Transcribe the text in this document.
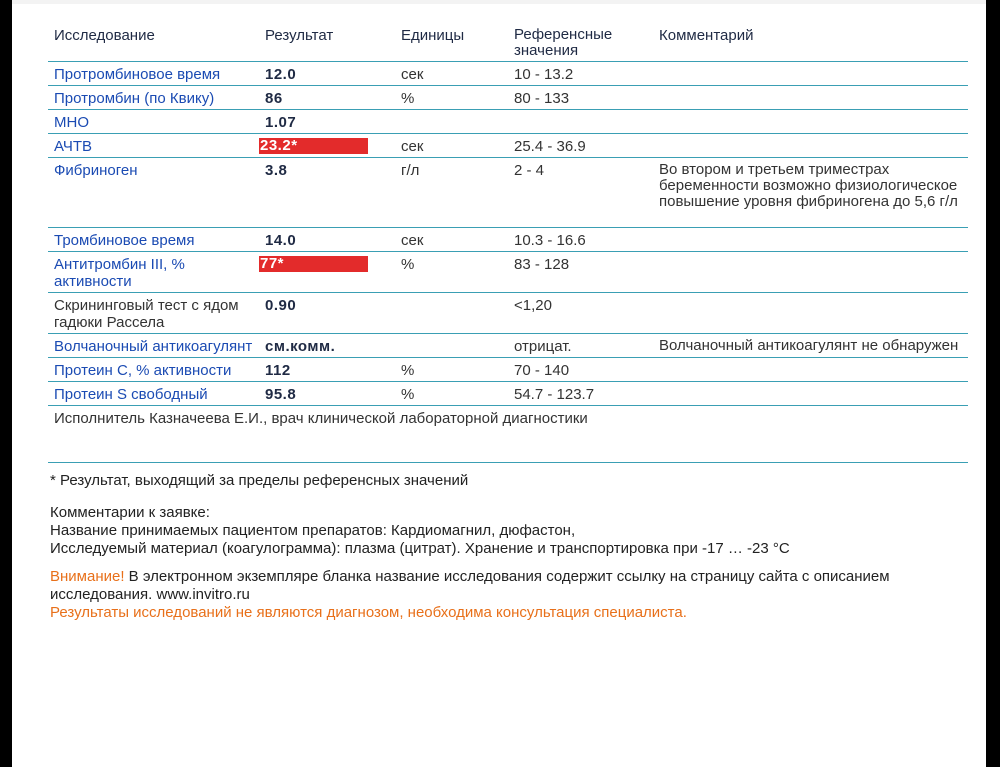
Исследование	Результат	Единицы	Референсные значения	Комментарий
Протромбиновое время	12.0	сек	10 - 13.2	
Протромбин (по Квику)	86	%	80 - 133	
МНО	1.07			
АЧТВ	23.2*	сек	25.4 - 36.9	
Фибриноген	3.8	г/л	2 - 4	Во втором и третьем триместрах беременности возможно физиологическое повышение уровня фибриногена до 5,6 г/л
Тромбиновое время	14.0	сек	10.3 - 16.6	
Антитромбин III, % активности	77*	%	83 - 128	
Скрининговый тест с ядом гадюки Рассела	0.90		<1,20	
Волчаночный антикоагулянт	см.комм.		отрицат.	Волчаночный антикоагулянт не обнаружен
Протеин C, % активности	112	%	70 - 140	
Протеин S свободный	95.8	%	54.7 - 123.7	
Исполнитель Казначеева Е.И., врач клинической лабораторной диагностики				

* Результат, выходящий за пределы референсных значений
Комментарии к заявке:
Название принимаемых пациентом препаратов: Кардиомагнил, дюфастон,
Исследуемый материал (коагулограмма): плазма (цитрат). Хранение и транспортировка при -17 … -23 °С
Внимание! В электронном экземпляре бланка название исследования содержит ссылку на страницу сайта с описанием исследования. www.invitro.ru
Результаты исследований не являются диагнозом, необходима консультация специалиста.
